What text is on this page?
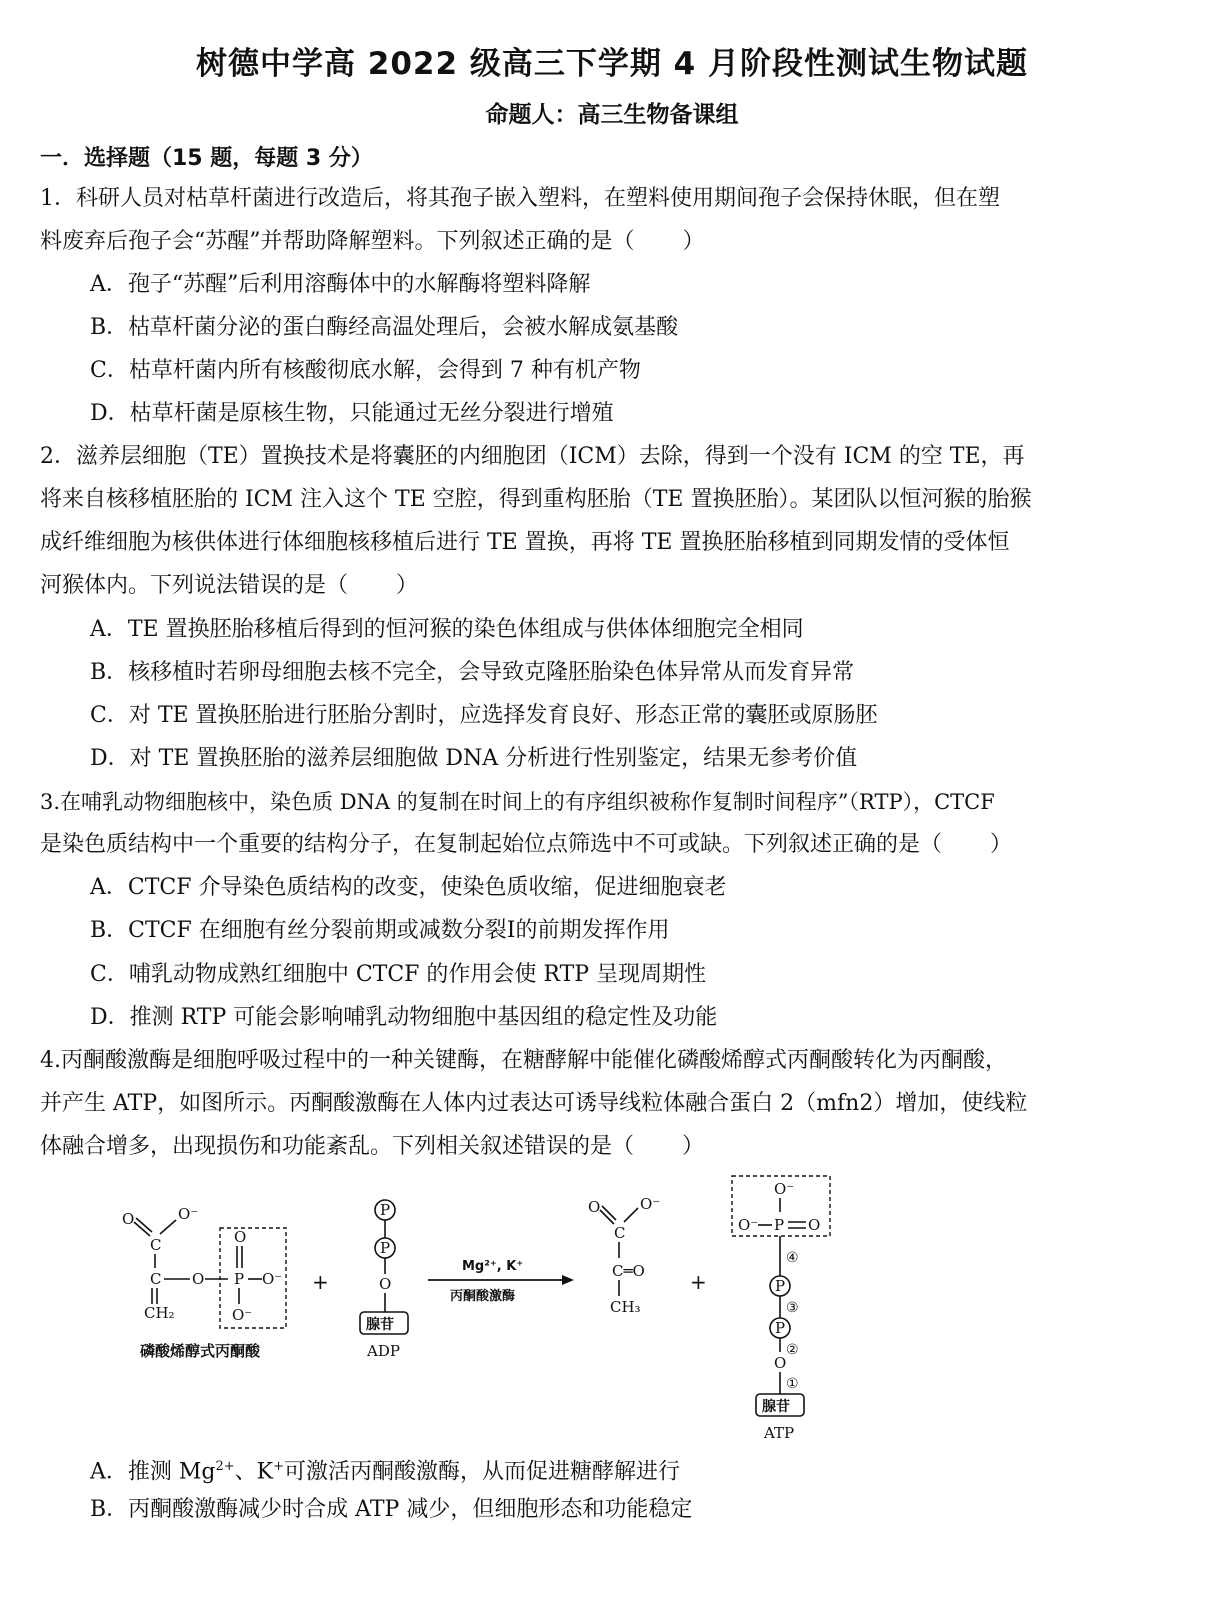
树德中学高 2022 级高三下学期 4 月阶段性测试生物试题
命题人：高三生物备课组
一．选择题（15 题，每题 3 分）
1．科研人员对枯草杆菌进行改造后，将其孢子嵌入塑料，在塑料使用期间孢子会保持休眠，但在塑
料废弃后孢子会“苏醒”并帮助降解塑料。下列叙述正确的是（ ）
A．孢子“苏醒”后利用溶酶体中的水解酶将塑料降解
B．枯草杆菌分泌的蛋白酶经高温处理后，会被水解成氨基酸
C．枯草杆菌内所有核酸彻底水解，会得到 7 种有机产物
D．枯草杆菌是原核生物，只能通过无丝分裂进行增殖
2．滋养层细胞（TE）置换技术是将囊胚的内细胞团（ICM）去除，得到一个没有 ICM 的空 TE，再
将来自核移植胚胎的 ICM 注入这个 TE 空腔，得到重构胚胎（TE 置换胚胎）。某团队以恒河猴的胎猴
成纤维细胞为核供体进行体细胞核移植后进行 TE 置换，再将 TE 置换胚胎移植到同期发情的受体恒
河猴体内。下列说法错误的是（ ）
A．TE 置换胚胎移植后得到的恒河猴的染色体组成与供体体细胞完全相同
B．核移植时若卵母细胞去核不完全，会导致克隆胚胎染色体异常从而发育异常
C．对 TE 置换胚胎进行胚胎分割时，应选择发育良好、形态正常的囊胚或原肠胚
D．对 TE 置换胚胎的滋养层细胞做 DNA 分析进行性别鉴定，结果无参考价值
3.在哺乳动物细胞核中，染色质 DNA 的复制在时间上的有序组织被称作复制时间程序”（RTP），CTCF
是染色质结构中一个重要的结构分子，在复制起始位点筛选中不可或缺。下列叙述正确的是（ ）
A．CTCF 介导染色质结构的改变，使染色质收缩，促进细胞衰老
B．CTCF 在细胞有丝分裂前期或减数分裂Ⅰ的前期发挥作用
C．哺乳动物成熟红细胞中 CTCF 的作用会使 RTP 呈现周期性
D．推测 RTP 可能会影响哺乳动物细胞中基因组的稳定性及功能
4.丙酮酸激酶是细胞呼吸过程中的一种关键酶，在糖酵解中能催化磷酸烯醇式丙酮酸转化为丙酮酸，
并产生 ATP，如图所示。丙酮酸激酶在人体内过表达可诱导线粒体融合蛋白 2（mfn2）增加，使线粒
体融合增多，出现损伤和功能紊乱。下列相关叙述错误的是（ ）
O	O⁻
C
C O
CH₂
O
P O⁻
O⁻
磷酸烯醇式丙酮酸
+
P
P
O
腺苷
ADP
Mg²⁺, K⁺
丙酮酸激酶
O	O⁻
C
C═O
CH₃
+
O⁻
O⁻ P O
④
P
③
P
②
O
①
腺苷
ATP
A．推测 $Mg^{2+}$、K+可激活丙酮酸激酶，从而促进糖酵解进行
B．丙酮酸激酶减少时合成 ATP 减少，但细胞形态和功能稳定
